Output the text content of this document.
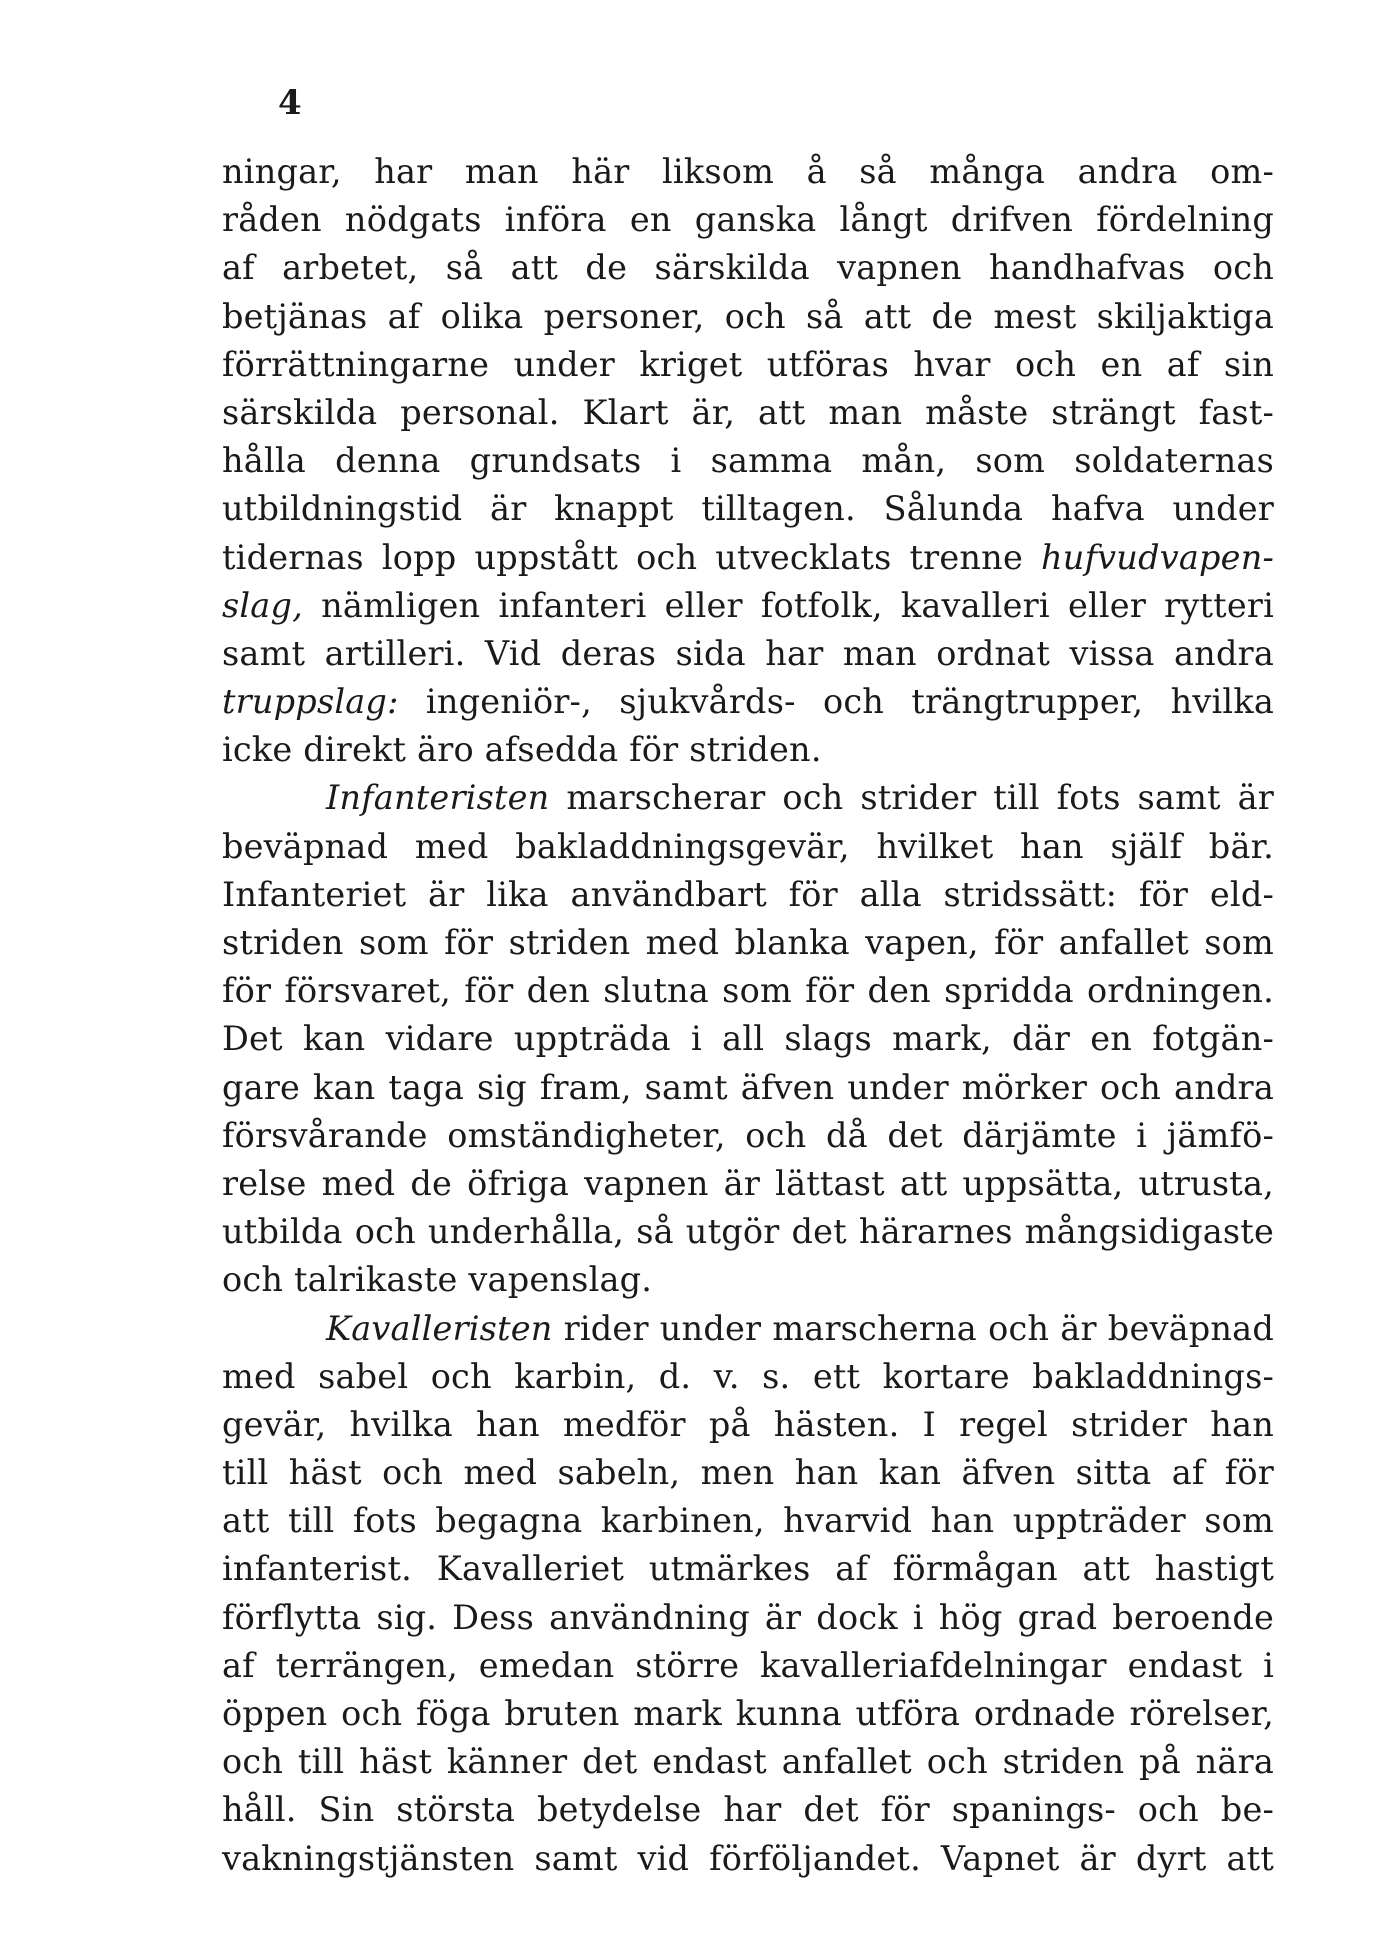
4
ningar, har man här liksom å så många andra om-
råden nödgats införa en ganska långt drifven fördelning
af arbetet, så att de särskilda vapnen handhafvas och
betjänas af olika personer, och så att de mest skiljaktiga
förrättningarne under kriget utföras hvar och en af sin
särskilda personal. Klart är, att man måste strängt fast-
hålla denna grundsats i samma mån, som soldaternas
utbildningstid är knappt tilltagen. Sålunda hafva under
tidernas lopp uppstått och utvecklats trenne hufvudvapen-
slag, nämligen infanteri eller fotfolk, kavalleri eller rytteri
samt artilleri. Vid deras sida har man ordnat vissa andra
truppslag: ingeniör-, sjukvårds- och trängtrupper, hvilka
icke direkt äro afsedda för striden.
Infanteristen marscherar och strider till fots samt är
beväpnad med bakladdningsgevär, hvilket han själf bär.
Infanteriet är lika användbart för alla stridssätt: för eld-
striden som för striden med blanka vapen, för anfallet som
för försvaret, för den slutna som för den spridda ordningen.
Det kan vidare uppträda i all slags mark, där en fotgän-
gare kan taga sig fram, samt äfven under mörker och andra
försvårande omständigheter, och då det därjämte i jämfö-
relse med de öfriga vapnen är lättast att uppsätta, utrusta,
utbilda och underhålla, så utgör det härarnes mångsidigaste
och talrikaste vapenslag.
Kavalleristen rider under marscherna och är beväpnad
med sabel och karbin, d. v. s. ett kortare bakladdnings-
gevär, hvilka han medför på hästen. I regel strider han
till häst och med sabeln, men han kan äfven sitta af för
att till fots begagna karbinen, hvarvid han uppträder som
infanterist. Kavalleriet utmärkes af förmågan att hastigt
förflytta sig. Dess användning är dock i hög grad beroende
af terrängen, emedan större kavalleriafdelningar endast i
öppen och föga bruten mark kunna utföra ordnade rörelser,
och till häst känner det endast anfallet och striden på nära
håll. Sin största betydelse har det för spanings- och be-
vakningstjänsten samt vid förföljandet. Vapnet är dyrt att
